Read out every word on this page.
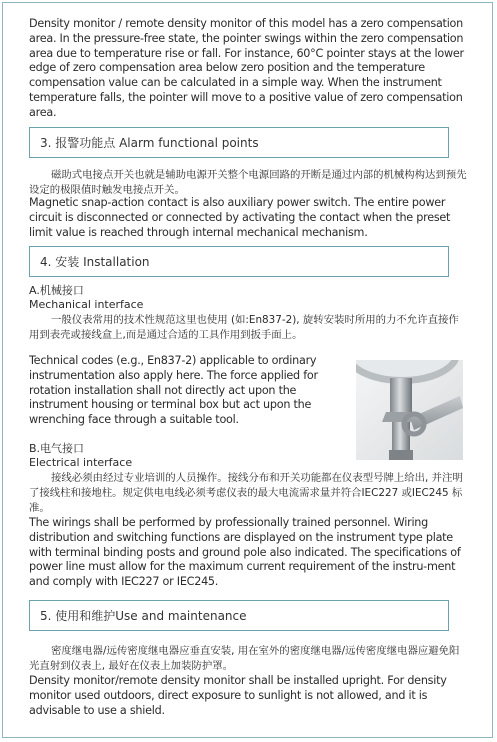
Density monitor / remote density monitor of this model has a zero compensation area. In the pressure-free state, the pointer swings within the zero compensation area due to temperature rise or fall. For instance, 60°C pointer stays at the lower edge of zero compensation area below zero position and the temperature compensation value can be calculated in a simple way. When the instrument temperature falls, the pointer will move to a positive value of zero compensation area.

3. 报警功能点 Alarm functional points

磁助式电接点开关也就是辅助电源开关整个电源回路的开断是通过内部的机械构构达到预先设定的极限值时触发电接点开关。

Magnetic snap-action contact is also auxiliary power switch. The entire power circuit is disconnected or connected by activating the contact when the preset limit value is reached through internal mechanical mechanism.

4. 安装 Installation

A.机械接口

Mechanical interface

一般仪表常用的技术性规范这里也使用 (如:En837-2), 旋转安装时所用的力不允许直接作用到表壳或接线盒上,而是通过合适的工具作用到扳手面上。

Technical codes (e.g., En837-2) applicable to ordinary instrumentation also apply here. The force applied for rotation installation shall not directly act upon the instrument housing or terminal box but act upon the wrenching face through a suitable tool.

B.电气接口

Electrical interface

接线必须由经过专业培训的人员操作。接线分布和开关功能都在仪表型号牌上给出, 并注明了接线柱和接地柱。规定供电电线必须考虑仪表的最大电流需求量并符合IEC227 或IEC245 标准。

The wirings shall be performed by professionally trained personnel. Wiring distribution and switching functions are displayed on the instrument type plate with terminal binding posts and ground pole also indicated. The specifications of power line must allow for the maximum current requirement of the instru-ment and comply with IEC227 or IEC245.

5. 使用和维护Use and maintenance

密度继电器/远传密度继电器应垂直安装, 用在室外的密度继电器/远传密度继电器应避免阳光直射到仪表上, 最好在仪表上加装防护罩。

Density monitor/remote density monitor shall be installed upright. For density monitor used outdoors, direct exposure to sunlight is not allowed, and it is advisable to use a shield.
